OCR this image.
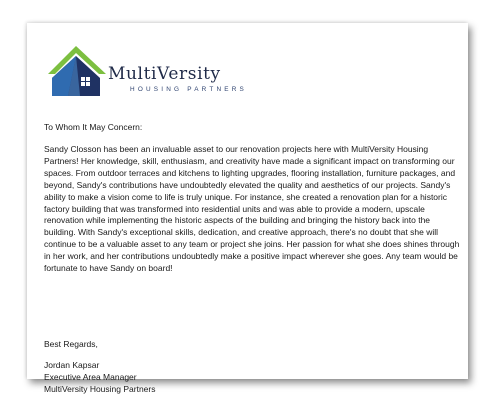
MultiVersity
HOUSING PARTNERS
To Whom It May Concern:
Sandy Closson has been an invaluable asset to our renovation projects here with MultiVersity Housing Partners! Her knowledge, skill, enthusiasm, and creativity have made a significant impact on transforming our spaces. From outdoor terraces and kitchens to lighting upgrades, flooring installation, furniture packages, and beyond, Sandy's contributions have undoubtedly elevated the quality and aesthetics of our projects. Sandy's ability to make a vision come to life is truly unique. For instance, she created a renovation plan for a historic factory building that was transformed into residential units and was able to provide a modern, upscale renovation while implementing the historic aspects of the building and bringing the history back into the building. With Sandy's exceptional skills, dedication, and creative approach, there's no doubt that she will continue to be a valuable asset to any team or project she joins. Her passion for what she does shines through in her work, and her contributions undoubtedly make a positive impact wherever she goes. Any team would be fortunate to have Sandy on board!
Best Regards,
Jordan Kapsar
Executive Area Manager
MultiVersity Housing Partners
